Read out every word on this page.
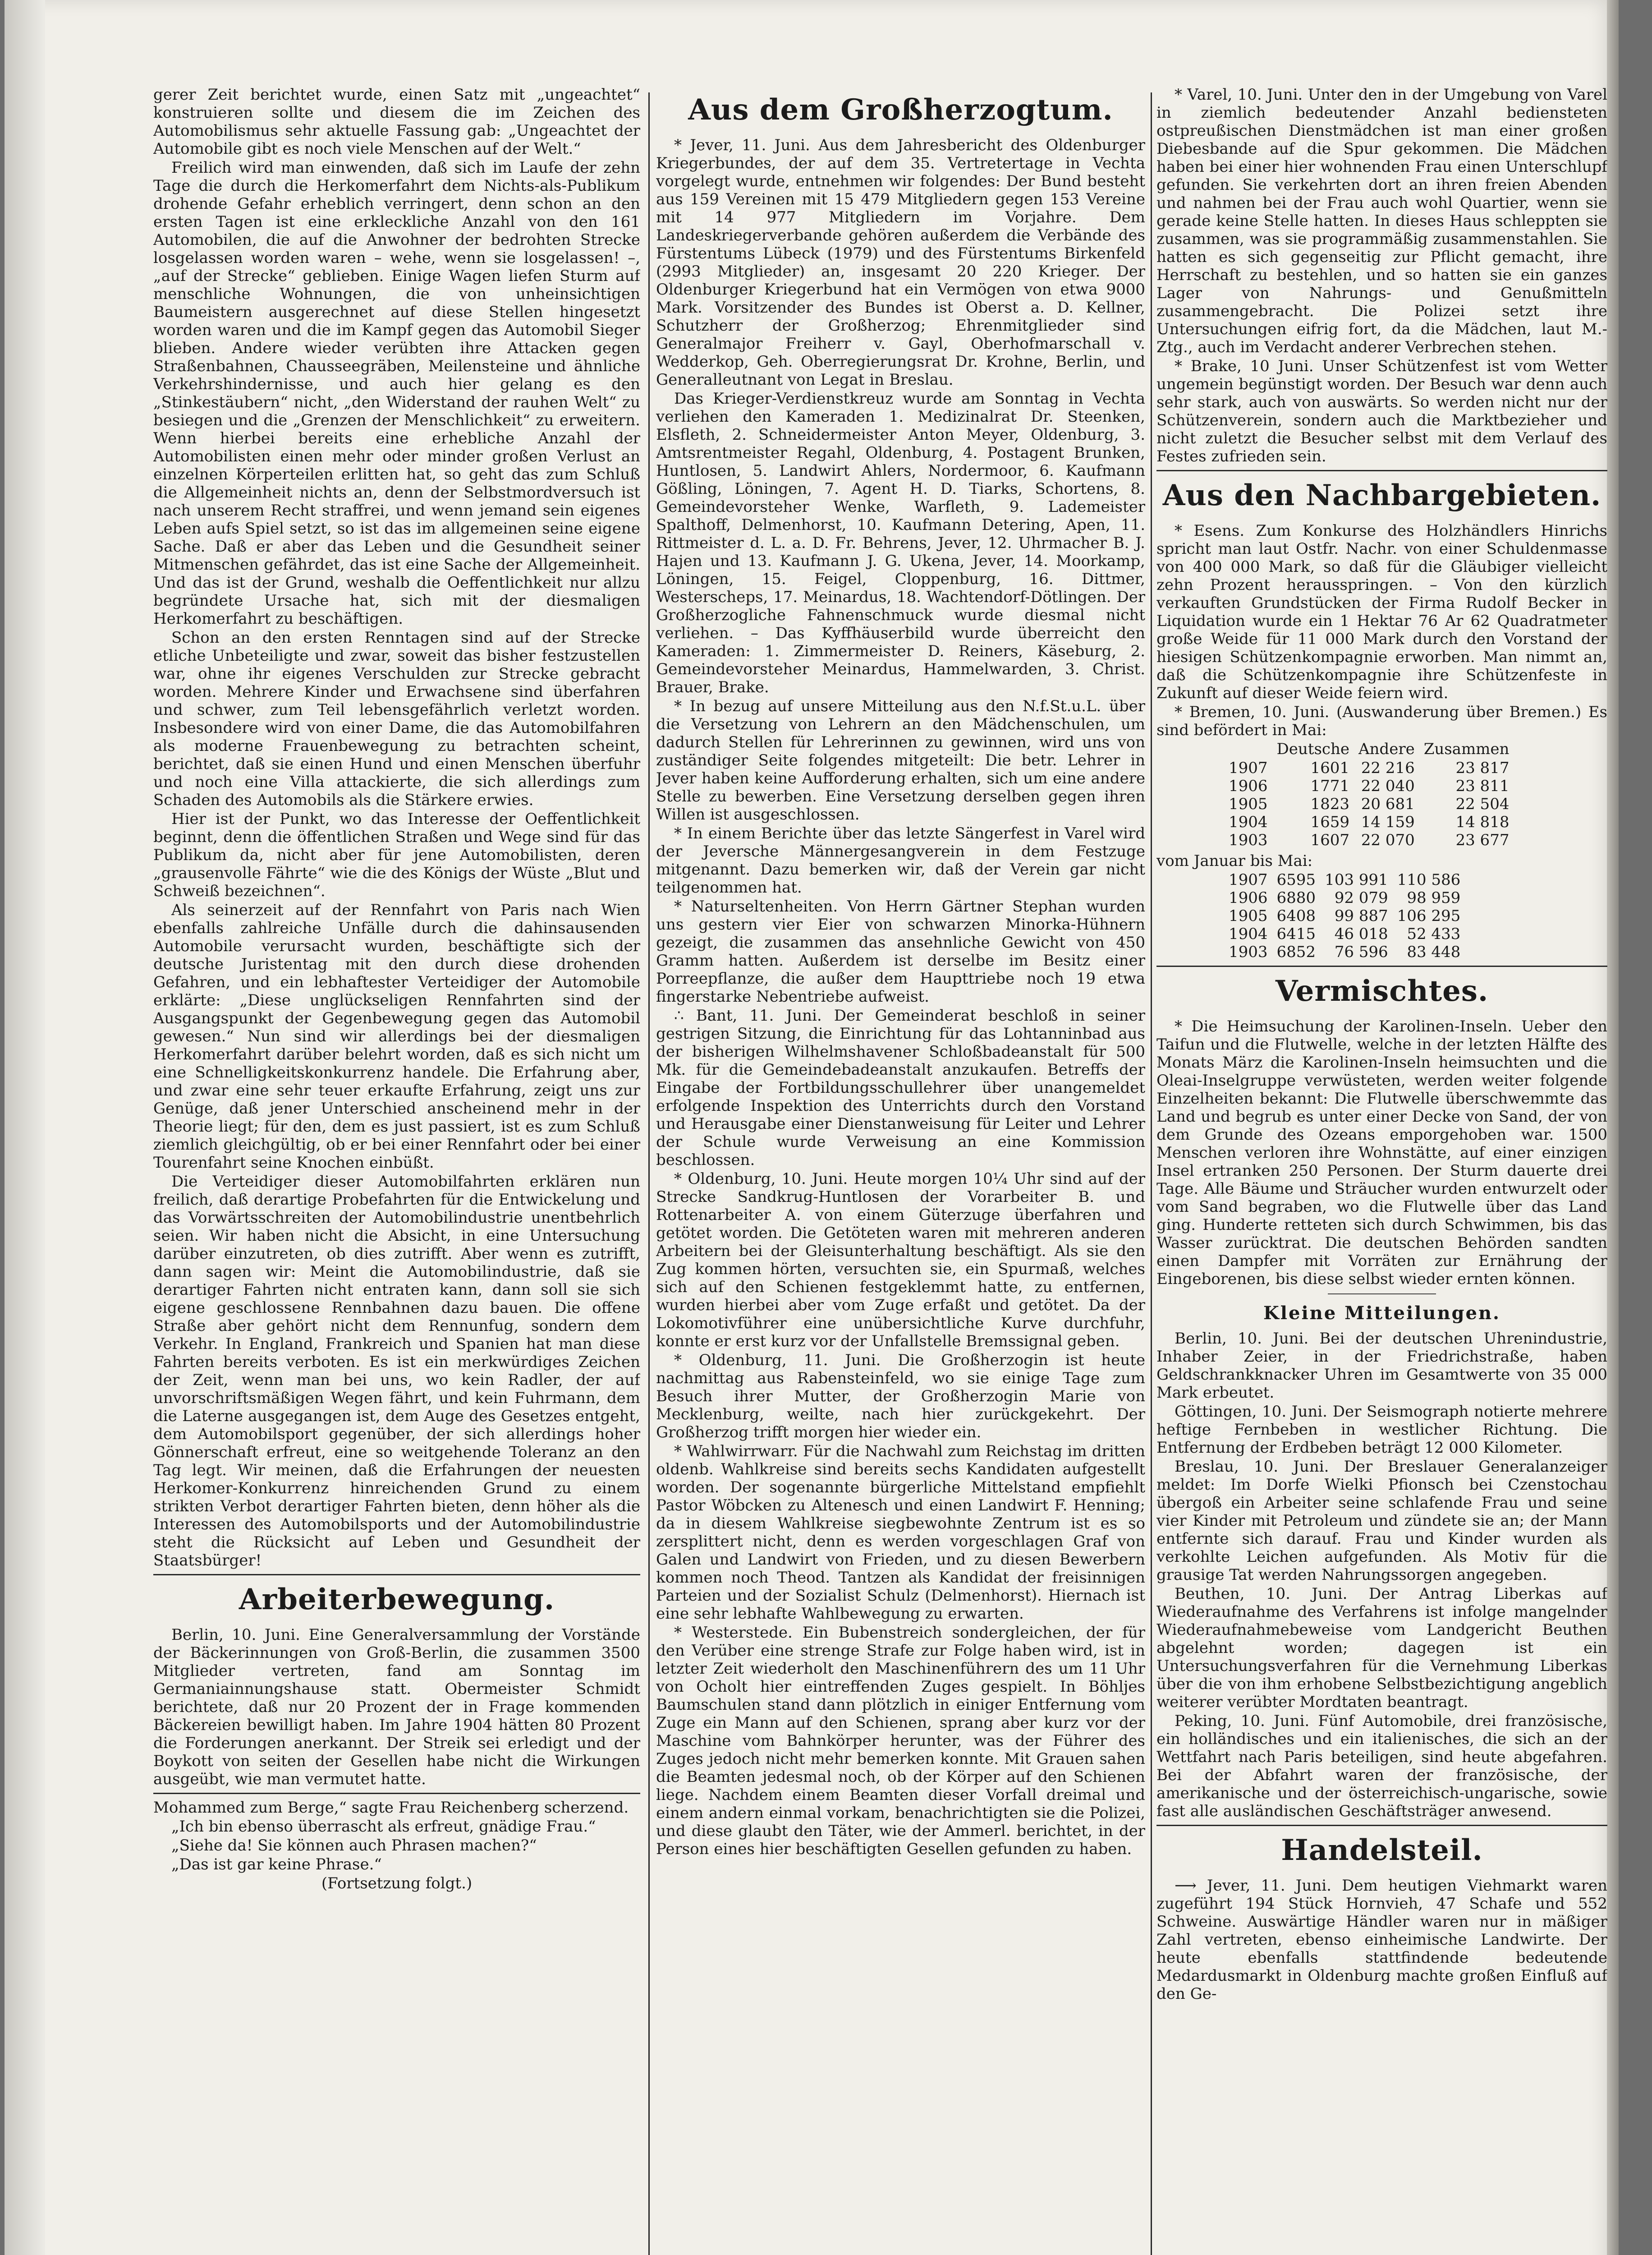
gerer Zeit berichtet wurde, einen Satz mit „ungeachtet“ konstruieren sollte und diesem die im Zeichen des Automobilismus sehr aktuelle Fassung gab: „Ungeachtet der Automobile gibt es noch viele Menschen auf der Welt.“

Freilich wird man einwenden, daß sich im Laufe der zehn Tage die durch die Herkomerfahrt dem Nichts-als-Publikum drohende Gefahr erheblich verringert, denn schon an den ersten Tagen ist eine erkleckliche Anzahl von den 161 Automobilen, die auf die Anwohner der bedrohten Strecke losgelassen worden waren – wehe, wenn sie losgelassen! –, „auf der Strecke“ geblieben. Einige Wagen liefen Sturm auf menschliche Wohnungen, die von unheinsichtigen Baumeistern ausgerechnet auf diese Stellen hingesetzt worden waren und die im Kampf gegen das Automobil Sieger blieben. Andere wieder verübten ihre Attacken gegen Straßenbahnen, Chausseegräben, Meilensteine und ähnliche Verkehrshindernisse, und auch hier gelang es den „Stinkestäubern“ nicht, „den Widerstand der rauhen Welt“ zu besiegen und die „Grenzen der Menschlichkeit“ zu erweitern. Wenn hierbei bereits eine erhebliche Anzahl der Automobilisten einen mehr oder minder großen Verlust an einzelnen Körperteilen erlitten hat, so geht das zum Schluß die Allgemeinheit nichts an, denn der Selbstmordversuch ist nach unserem Recht straffrei, und wenn jemand sein eigenes Leben aufs Spiel setzt, so ist das im allgemeinen seine eigene Sache. Daß er aber das Leben und die Gesundheit seiner Mitmenschen gefährdet, das ist eine Sache der Allgemeinheit. Und das ist der Grund, weshalb die Oeffentlichkeit nur allzu begründete Ursache hat, sich mit der diesmaligen Herkomerfahrt zu beschäftigen.

Schon an den ersten Renntagen sind auf der Strecke etliche Unbeteiligte und zwar, soweit das bisher festzustellen war, ohne ihr eigenes Verschulden zur Strecke gebracht worden. Mehrere Kinder und Erwachsene sind überfahren und schwer, zum Teil lebensgefährlich verletzt worden. Insbesondere wird von einer Dame, die das Automobilfahren als moderne Frauenbewegung zu betrachten scheint, berichtet, daß sie einen Hund und einen Menschen überfuhr und noch eine Villa attackierte, die sich allerdings zum Schaden des Automobils als die Stärkere erwies.

Hier ist der Punkt, wo das Interesse der Oeffentlichkeit beginnt, denn die öffentlichen Straßen und Wege sind für das Publikum da, nicht aber für jene Automobilisten, deren „grausenvolle Fährte“ wie die des Königs der Wüste „Blut und Schweiß bezeichnen“.

Als seinerzeit auf der Rennfahrt von Paris nach Wien ebenfalls zahlreiche Unfälle durch die dahinsausenden Automobile verursacht wurden, beschäftigte sich der deutsche Juristentag mit den durch diese drohenden Gefahren, und ein lebhaftester Verteidiger der Automobile erklärte: „Diese unglückseligen Rennfahrten sind der Ausgangspunkt der Gegenbewegung gegen das Automobil gewesen.“ Nun sind wir allerdings bei der diesmaligen Herkomerfahrt darüber belehrt worden, daß es sich nicht um eine Schnelligkeitskonkurrenz handele. Die Erfahrung aber, und zwar eine sehr teuer erkaufte Erfahrung, zeigt uns zur Genüge, daß jener Unterschied anscheinend mehr in der Theorie liegt; für den, dem es just passiert, ist es zum Schluß ziemlich gleichgültig, ob er bei einer Rennfahrt oder bei einer Tourenfahrt seine Knochen einbüßt.

Die Verteidiger dieser Automobilfahrten erklären nun freilich, daß derartige Probefahrten für die Entwickelung und das Vorwärtsschreiten der Automobilindustrie unentbehrlich seien. Wir haben nicht die Absicht, in eine Untersuchung darüber einzutreten, ob dies zutrifft. Aber wenn es zutrifft, dann sagen wir: Meint die Automobilindustrie, daß sie derartiger Fahrten nicht entraten kann, dann soll sie sich eigene geschlossene Rennbahnen dazu bauen. Die offene Straße aber gehört nicht dem Rennunfug, sondern dem Verkehr. In England, Frankreich und Spanien hat man diese Fahrten bereits verboten. Es ist ein merkwürdiges Zeichen der Zeit, wenn man bei uns, wo kein Radler, der auf unvorschriftsmäßigen Wegen fährt, und kein Fuhrmann, dem die Laterne ausgegangen ist, dem Auge des Gesetzes entgeht, dem Automobilsport gegenüber, der sich allerdings hoher Gönnerschaft erfreut, eine so weitgehende Toleranz an den Tag legt. Wir meinen, daß die Erfahrungen der neuesten Herkomer-Konkurrenz hinreichenden Grund zu einem strikten Verbot derartiger Fahrten bieten, denn höher als die Interessen des Automobilsports und der Automobilindustrie steht die Rücksicht auf Leben und Gesundheit der Staatsbürger!

Arbeiterbewegung.

Berlin, 10. Juni. Eine Generalversammlung der Vorstände der Bäckerinnungen von Groß-Berlin, die zusammen 3500 Mitglieder vertreten, fand am Sonntag im Germaniainnungshause statt. Obermeister Schmidt berichtete, daß nur 20 Prozent der in Frage kommenden Bäckereien bewilligt haben. Im Jahre 1904 hätten 80 Prozent die Forderungen anerkannt. Der Streik sei erledigt und der Boykott von seiten der Gesellen habe nicht die Wirkungen ausgeübt, wie man vermutet hatte.

Mohammed zum Berge,“ sagte Frau Reichenberg scherzend.

„Ich bin ebenso überrascht als erfreut, gnädige Frau.“

„Siehe da! Sie können auch Phrasen machen?“

„Das ist gar keine Phrase.“

(Fortsetzung folgt.)

Aus dem Großherzogtum.

* Jever, 11. Juni. Aus dem Jahresbericht des Oldenburger Kriegerbundes, der auf dem 35. Vertretertage in Vechta vorgelegt wurde, entnehmen wir folgendes: Der Bund besteht aus 159 Vereinen mit 15 479 Mitgliedern gegen 153 Vereine mit 14 977 Mitgliedern im Vorjahre. Dem Landeskriegerverbande gehören außerdem die Verbände des Fürstentums Lübeck (1979) und des Fürstentums Birkenfeld (2993 Mitglieder) an, insgesamt 20 220 Krieger. Der Oldenburger Kriegerbund hat ein Vermögen von etwa 9000 Mark. Vorsitzender des Bundes ist Oberst a. D. Kellner, Schutzherr der Großherzog; Ehrenmitglieder sind Generalmajor Freiherr v. Gayl, Oberhofmarschall v. Wedderkop, Geh. Oberregierungsrat Dr. Krohne, Berlin, und Generalleutnant von Legat in Breslau.

Das Krieger-Verdienstkreuz wurde am Sonntag in Vechta verliehen den Kameraden 1. Medizinalrat Dr. Steenken, Elsfleth, 2. Schneidermeister Anton Meyer, Oldenburg, 3. Amtsrentmeister Regahl, Oldenburg, 4. Postagent Brunken, Huntlosen, 5. Landwirt Ahlers, Nordermoor, 6. Kaufmann Gößling, Löningen, 7. Agent H. D. Tiarks, Schortens, 8. Gemeindevorsteher Wenke, Warfleth, 9. Lademeister Spalthoff, Delmenhorst, 10. Kaufmann Detering, Apen, 11. Rittmeister d. L. a. D. Fr. Behrens, Jever, 12. Uhrmacher B. J. Hajen und 13. Kaufmann J. G. Ukena, Jever, 14. Moorkamp, Löningen, 15. Feigel, Cloppenburg, 16. Dittmer, Westerscheps, 17. Meinardus, 18. Wachtendorf-Dötlingen. Der Großherzogliche Fahnenschmuck wurde diesmal nicht verliehen. – Das Kyffhäuserbild wurde überreicht den Kameraden: 1. Zimmermeister D. Reiners, Käseburg, 2. Gemeindevorsteher Meinardus, Hammelwarden, 3. Christ. Brauer, Brake.

* In bezug auf unsere Mitteilung aus den N.f.St.u.L. über die Versetzung von Lehrern an den Mädchenschulen, um dadurch Stellen für Lehrerinnen zu gewinnen, wird uns von zuständiger Seite folgendes mitgeteilt: Die betr. Lehrer in Jever haben keine Aufforderung erhalten, sich um eine andere Stelle zu bewerben. Eine Versetzung derselben gegen ihren Willen ist ausgeschlossen.

* In einem Berichte über das letzte Sängerfest in Varel wird der Jeversche Männergesangverein in dem Festzuge mitgenannt. Dazu bemerken wir, daß der Verein gar nicht teilgenommen hat.

* Naturseltenheiten. Von Herrn Gärtner Stephan wurden uns gestern vier Eier von schwarzen Minorka-Hühnern gezeigt, die zusammen das ansehnliche Gewicht von 450 Gramm hatten. Außerdem ist derselbe im Besitz einer Porreepflanze, die außer dem Haupttriebe noch 19 etwa fingerstarke Nebentriebe aufweist.

∴ Bant, 11. Juni. Der Gemeinderat beschloß in seiner gestrigen Sitzung, die Einrichtung für das Lohtanninbad aus der bisherigen Wilhelmshavener Schloßbadeanstalt für 500 Mk. für die Gemeindebadeanstalt anzukaufen. Betreffs der Eingabe der Fortbildungsschullehrer über unangemeldet erfolgende Inspektion des Unterrichts durch den Vorstand und Herausgabe einer Dienstanweisung für Leiter und Lehrer der Schule wurde Verweisung an eine Kommission beschlossen.

* Oldenburg, 10. Juni. Heute morgen 10¼ Uhr sind auf der Strecke Sandkrug-Huntlosen der Vorarbeiter B. und Rottenarbeiter A. von einem Güterzuge überfahren und getötet worden. Die Getöteten waren mit mehreren anderen Arbeitern bei der Gleisunterhaltung beschäftigt. Als sie den Zug kommen hörten, versuchten sie, ein Spurmaß, welches sich auf den Schienen festgeklemmt hatte, zu entfernen, wurden hierbei aber vom Zuge erfaßt und getötet. Da der Lokomotivführer eine unübersichtliche Kurve durchfuhr, konnte er erst kurz vor der Unfallstelle Bremssignal geben.

* Oldenburg, 11. Juni. Die Großherzogin ist heute nachmittag aus Rabensteinfeld, wo sie einige Tage zum Besuch ihrer Mutter, der Großherzogin Marie von Mecklenburg, weilte, nach hier zurückgekehrt. Der Großherzog trifft morgen hier wieder ein.

* Wahlwirrwarr. Für die Nachwahl zum Reichstag im dritten oldenb. Wahlkreise sind bereits sechs Kandidaten aufgestellt worden. Der sogenannte bürgerliche Mittelstand empfiehlt Pastor Wöbcken zu Altenesch und einen Landwirt F. Henning; da in diesem Wahlkreise siegbewohnte Zentrum ist es so zersplittert nicht, denn es werden vorgeschlagen Graf von Galen und Landwirt von Frieden, und zu diesen Bewerbern kommen noch Theod. Tantzen als Kandidat der freisinnigen Parteien und der Sozialist Schulz (Delmenhorst). Hiernach ist eine sehr lebhafte Wahlbewegung zu erwarten.

* Westerstede. Ein Bubenstreich sondergleichen, der für den Verüber eine strenge Strafe zur Folge haben wird, ist in letzter Zeit wiederholt den Maschinenführern des um 11 Uhr von Ocholt hier eintreffenden Zuges gespielt. In Böhljes Baumschulen stand dann plötzlich in einiger Entfernung vom Zuge ein Mann auf den Schienen, sprang aber kurz vor der Maschine vom Bahnkörper herunter, was der Führer des Zuges jedoch nicht mehr bemerken konnte. Mit Grauen sahen die Beamten jedesmal noch, ob der Körper auf den Schienen liege. Nachdem einem Beamten dieser Vorfall dreimal und einem andern einmal vorkam, benachrichtigten sie die Polizei, und diese glaubt den Täter, wie der Ammerl. berichtet, in der Person eines hier beschäftigten Gesellen gefunden zu haben.

* Varel, 10. Juni. Unter den in der Umgebung von Varel in ziemlich bedeutender Anzahl bediensteten ostpreußischen Dienstmädchen ist man einer großen Diebesbande auf die Spur gekommen. Die Mädchen haben bei einer hier wohnenden Frau einen Unterschlupf gefunden. Sie verkehrten dort an ihren freien Abenden und nahmen bei der Frau auch wohl Quartier, wenn sie gerade keine Stelle hatten. In dieses Haus schleppten sie zusammen, was sie programmäßig zusammenstahlen. Sie hatten es sich gegenseitig zur Pflicht gemacht, ihre Herrschaft zu bestehlen, und so hatten sie ein ganzes Lager von Nahrungs- und Genußmitteln zusammengebracht. Die Polizei setzt ihre Untersuchungen eifrig fort, da die Mädchen, laut M.-Ztg., auch im Verdacht anderer Verbrechen stehen.

* Brake, 10 Juni. Unser Schützenfest ist vom Wetter ungemein begünstigt worden. Der Besuch war denn auch sehr stark, auch von auswärts. So werden nicht nur der Schützenverein, sondern auch die Marktbezieher und nicht zuletzt die Besucher selbst mit dem Verlauf des Festes zufrieden sein.

Aus den Nachbargebieten.

* Esens. Zum Konkurse des Holzhändlers Hinrichs spricht man laut Ostfr. Nachr. von einer Schuldenmasse von 400 000 Mark, so daß für die Gläubiger vielleicht zehn Prozent herausspringen. – Von den kürzlich verkauften Grundstücken der Firma Rudolf Becker in Liquidation wurde ein 1 Hektar 76 Ar 62 Quadratmeter große Weide für 11 000 Mark durch den Vorstand der hiesigen Schützenkompagnie erworben. Man nimmt an, daß die Schützenkompagnie ihre Schützenfeste in Zukunft auf dieser Weide feiern wird.

* Bremen, 10. Juni. (Auswanderung über Bremen.) Es sind befördert in Mai:

	Deutsche	Andere	Zusammen
1907	1601	22 216	23 817
1906	1771	22 040	23 811
1905	1823	20 681	22 504
1904	1659	14 159	14 818
1903	1607	22 070	23 677

vom Januar bis Mai:

1907	6595	103 991	110 586
1906	6880	92 079	98 959
1905	6408	99 887	106 295
1904	6415	46 018	52 433
1903	6852	76 596	83 448
Vermischtes.

* Die Heimsuchung der Karolinen-Inseln. Ueber den Taifun und die Flutwelle, welche in der letzten Hälfte des Monats März die Karolinen-Inseln heimsuchten und die Oleai-Inselgruppe verwüsteten, werden weiter folgende Einzelheiten bekannt: Die Flutwelle überschwemmte das Land und begrub es unter einer Decke von Sand, der von dem Grunde des Ozeans emporgehoben war. 1500 Menschen verloren ihre Wohnstätte, auf einer einzigen Insel ertranken 250 Personen. Der Sturm dauerte drei Tage. Alle Bäume und Sträucher wurden entwurzelt oder vom Sand begraben, wo die Flutwelle über das Land ging. Hunderte retteten sich durch Schwimmen, bis das Wasser zurücktrat. Die deutschen Behörden sandten einen Dampfer mit Vorräten zur Ernährung der Eingeborenen, bis diese selbst wieder ernten können.

Kleine Mitteilungen.

Berlin, 10. Juni. Bei der deutschen Uhrenindustrie, Inhaber Zeier, in der Friedrichstraße, haben Geldschrankknacker Uhren im Gesamtwerte von 35 000 Mark erbeutet.

Göttingen, 10. Juni. Der Seismograph notierte mehrere heftige Fernbeben in westlicher Richtung. Die Entfernung der Erdbeben beträgt 12 000 Kilometer.

Breslau, 10. Juni. Der Breslauer Generalanzeiger meldet: Im Dorfe Wielki Pfionsch bei Czenstochau übergoß ein Arbeiter seine schlafende Frau und seine vier Kinder mit Petroleum und zündete sie an; der Mann entfernte sich darauf. Frau und Kinder wurden als verkohlte Leichen aufgefunden. Als Motiv für die grausige Tat werden Nahrungssorgen angegeben.

Beuthen, 10. Juni. Der Antrag Liberkas auf Wiederaufnahme des Verfahrens ist infolge mangelnder Wiederaufnahmebeweise vom Landgericht Beuthen abgelehnt worden; dagegen ist ein Untersuchungsverfahren für die Vernehmung Liberkas über die von ihm erhobene Selbstbezichtigung angeblich weiterer verübter Mordtaten beantragt.

Peking, 10. Juni. Fünf Automobile, drei französische, ein holländisches und ein italienisches, die sich an der Wettfahrt nach Paris beteiligen, sind heute abgefahren. Bei der Abfahrt waren der französische, der amerikanische und der österreichisch-ungarische, sowie fast alle ausländischen Geschäftsträger anwesend.

Handelsteil.

⟶ Jever, 11. Juni. Dem heutigen Viehmarkt waren zugeführt 194 Stück Hornvieh, 47 Schafe und 552 Schweine. Auswärtige Händler waren nur in mäßiger Zahl vertreten, ebenso einheimische Landwirte. Der heute ebenfalls stattfindende bedeutende Medardusmarkt in Oldenburg machte großen Einfluß auf den Ge-
